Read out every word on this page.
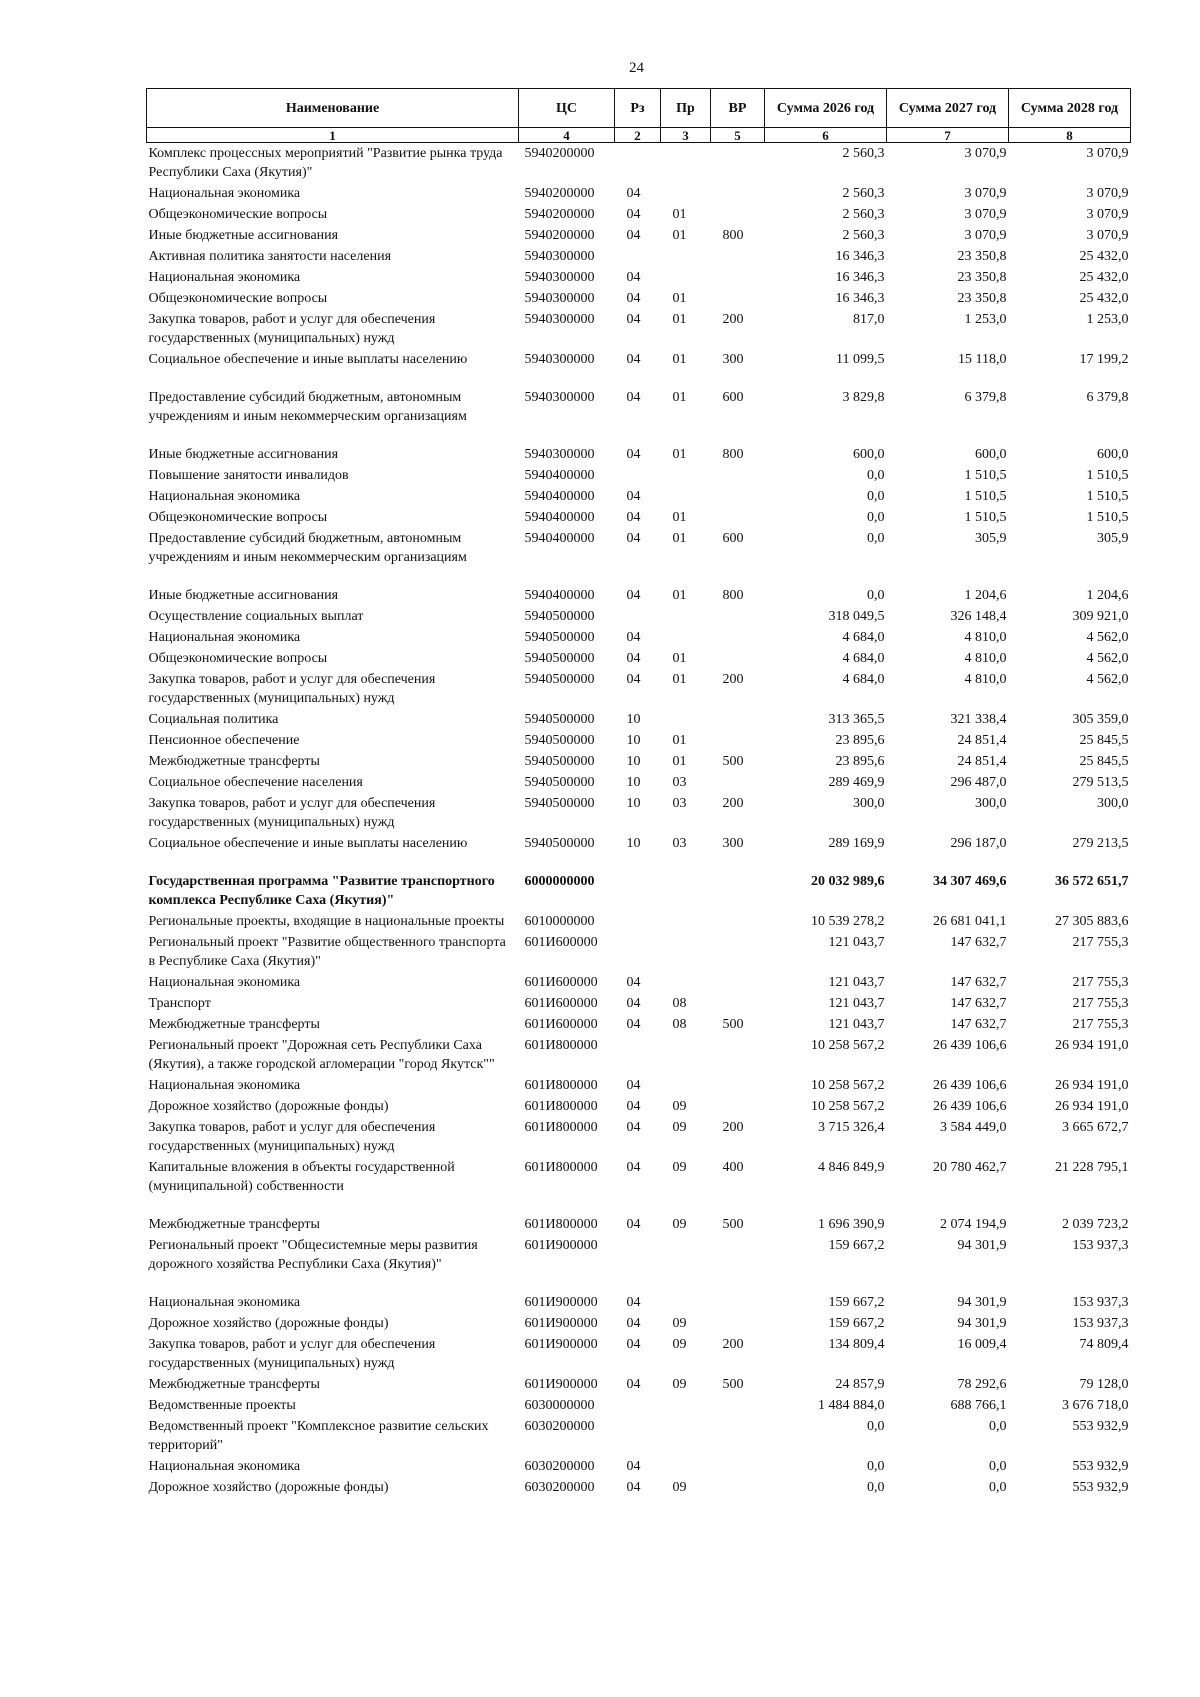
24
Наименование	ЦС	Рз	Пр	ВР	Сумма 2026 год	Сумма 2027 год	Сумма 2028 год
1	4	2	3	5	6	7	8
Комплекс процессных мероприятий "Развитие рынка труда Республики Саха (Якутия)"	5940200000				2 560,3	3 070,9	3 070,9
Национальная экономика	5940200000	04			2 560,3	3 070,9	3 070,9
Общеэкономические вопросы	5940200000	04	01		2 560,3	3 070,9	3 070,9
Иные бюджетные ассигнования	5940200000	04	01	800	2 560,3	3 070,9	3 070,9
Активная политика занятости населения	5940300000				16 346,3	23 350,8	25 432,0
Национальная экономика	5940300000	04			16 346,3	23 350,8	25 432,0
Общеэкономические вопросы	5940300000	04	01		16 346,3	23 350,8	25 432,0
Закупка товаров, работ и услуг для обеспечения государственных (муниципальных) нужд	5940300000	04	01	200	817,0	1 253,0	1 253,0
Социальное обеспечение и иные выплаты населению	5940300000	04	01	300	11 099,5	15 118,0	17 199,2
Предоставление субсидий бюджетным, автономным учреждениям и иным некоммерческим организациям	5940300000	04	01	600	3 829,8	6 379,8	6 379,8
Иные бюджетные ассигнования	5940300000	04	01	800	600,0	600,0	600,0
Повышение занятости инвалидов	5940400000				0,0	1 510,5	1 510,5
Национальная экономика	5940400000	04			0,0	1 510,5	1 510,5
Общеэкономические вопросы	5940400000	04	01		0,0	1 510,5	1 510,5
Предоставление субсидий бюджетным, автономным учреждениям и иным некоммерческим организациям	5940400000	04	01	600	0,0	305,9	305,9
Иные бюджетные ассигнования	5940400000	04	01	800	0,0	1 204,6	1 204,6
Осуществление социальных выплат	5940500000				318 049,5	326 148,4	309 921,0
Национальная экономика	5940500000	04			4 684,0	4 810,0	4 562,0
Общеэкономические вопросы	5940500000	04	01		4 684,0	4 810,0	4 562,0
Закупка товаров, работ и услуг для обеспечения государственных (муниципальных) нужд	5940500000	04	01	200	4 684,0	4 810,0	4 562,0
Социальная политика	5940500000	10			313 365,5	321 338,4	305 359,0
Пенсионное обеспечение	5940500000	10	01		23 895,6	24 851,4	25 845,5
Межбюджетные трансферты	5940500000	10	01	500	23 895,6	24 851,4	25 845,5
Социальное обеспечение населения	5940500000	10	03		289 469,9	296 487,0	279 513,5
Закупка товаров, работ и услуг для обеспечения государственных (муниципальных) нужд	5940500000	10	03	200	300,0	300,0	300,0
Социальное обеспечение и иные выплаты населению	5940500000	10	03	300	289 169,9	296 187,0	279 213,5
Государственная программа "Развитие транспортного комплекса Республике Саха (Якутия)"	6000000000				20 032 989,6	34 307 469,6	36 572 651,7
Региональные проекты, входящие в национальные проекты	6010000000				10 539 278,2	26 681 041,1	27 305 883,6
Региональный проект "Развитие общественного транспорта в Республике Саха (Якутия)"	601И600000				121 043,7	147 632,7	217 755,3
Национальная экономика	601И600000	04			121 043,7	147 632,7	217 755,3
Транспорт	601И600000	04	08		121 043,7	147 632,7	217 755,3
Межбюджетные трансферты	601И600000	04	08	500	121 043,7	147 632,7	217 755,3
Региональный проект "Дорожная сеть Республики Саха (Якутия), а также городской агломерации "город Якутск""	601И800000				10 258 567,2	26 439 106,6	26 934 191,0
Национальная экономика	601И800000	04			10 258 567,2	26 439 106,6	26 934 191,0
Дорожное хозяйство (дорожные фонды)	601И800000	04	09		10 258 567,2	26 439 106,6	26 934 191,0
Закупка товаров, работ и услуг для обеспечения государственных (муниципальных) нужд	601И800000	04	09	200	3 715 326,4	3 584 449,0	3 665 672,7
Капитальные вложения в объекты государственной (муниципальной) собственности	601И800000	04	09	400	4 846 849,9	20 780 462,7	21 228 795,1
Межбюджетные трансферты	601И800000	04	09	500	1 696 390,9	2 074 194,9	2 039 723,2
Региональный проект "Общесистемные меры развития дорожного хозяйства Республики Саха (Якутия)"	601И900000				159 667,2	94 301,9	153 937,3
Национальная экономика	601И900000	04			159 667,2	94 301,9	153 937,3
Дорожное хозяйство (дорожные фонды)	601И900000	04	09		159 667,2	94 301,9	153 937,3
Закупка товаров, работ и услуг для обеспечения государственных (муниципальных) нужд	601И900000	04	09	200	134 809,4	16 009,4	74 809,4
Межбюджетные трансферты	601И900000	04	09	500	24 857,9	78 292,6	79 128,0
Ведомственные проекты	6030000000				1 484 884,0	688 766,1	3 676 718,0
Ведомственный проект "Комплексное развитие сельских территорий"	6030200000				0,0	0,0	553 932,9
Национальная экономика	6030200000	04			0,0	0,0	553 932,9
Дорожное хозяйство (дорожные фонды)	6030200000	04	09		0,0	0,0	553 932,9
